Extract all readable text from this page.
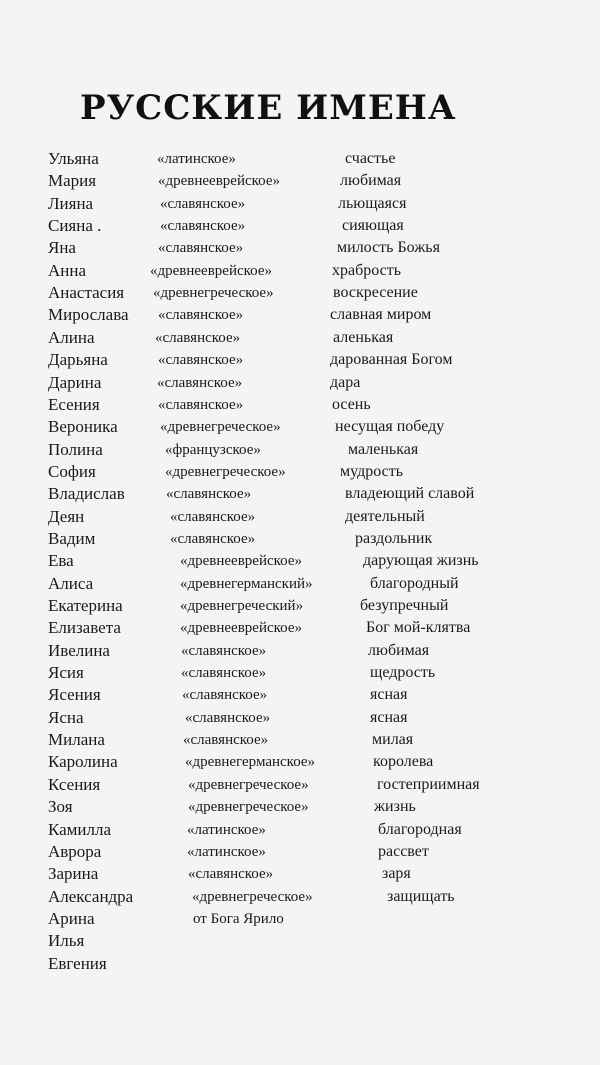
РУССКИЕ ИМЕНА
Ульяна	«латинское»	счастье
Мария	«древнееврейское»	любимая
Лияна	«славянское»	льющаяся
Сияна .	«славянское»	сияющая
Яна	«славянское»	милость Божья
Анна	«древнееврейское»	храбрость
Анастасия «древнегреческое»	воскресение
Мирослава «славянское»	славная миром
Алина	«славянское»	аленькая
Дарьяна	«славянское»	дарованная Богом
Дарина	«славянское»	дара
Есения	«славянское»	осень
Вероника	«древнегреческое»	несущая победу
Полина	«французское»	маленькая
София	«древнегреческое»	мудрость
Владислав	«славянское»	владеющий славой
Деян	«славянское»	деятельный
Вадим	«славянское»	раздольник
Ева	«древнееврейское»	дарующая жизнь
Алиса	«древнегерманский»	благородный
Екатерина	«древнегреческий»	безупречный
Елизавета	«древнееврейское»	Бог мой-клятва
Ивелина	«славянское»	любимая
Ясия	«славянское»	щедрость
Ясения	«славянское»	ясная
Ясна	«славянское»	ясная
Милана	«славянское»	милая
Каролина	«древнегерманское»	королева
Ксения	«древнегреческое»	гостеприимная
Зоя	«древнегреческое»	жизнь
Камилла	«латинское»	благородная
Аврора	«латинское»	рассвет
Зарина	«славянское»	заря
Александра	«древнегреческое»	защищать
Арина	от Бога Ярило
Илья
Евгения
